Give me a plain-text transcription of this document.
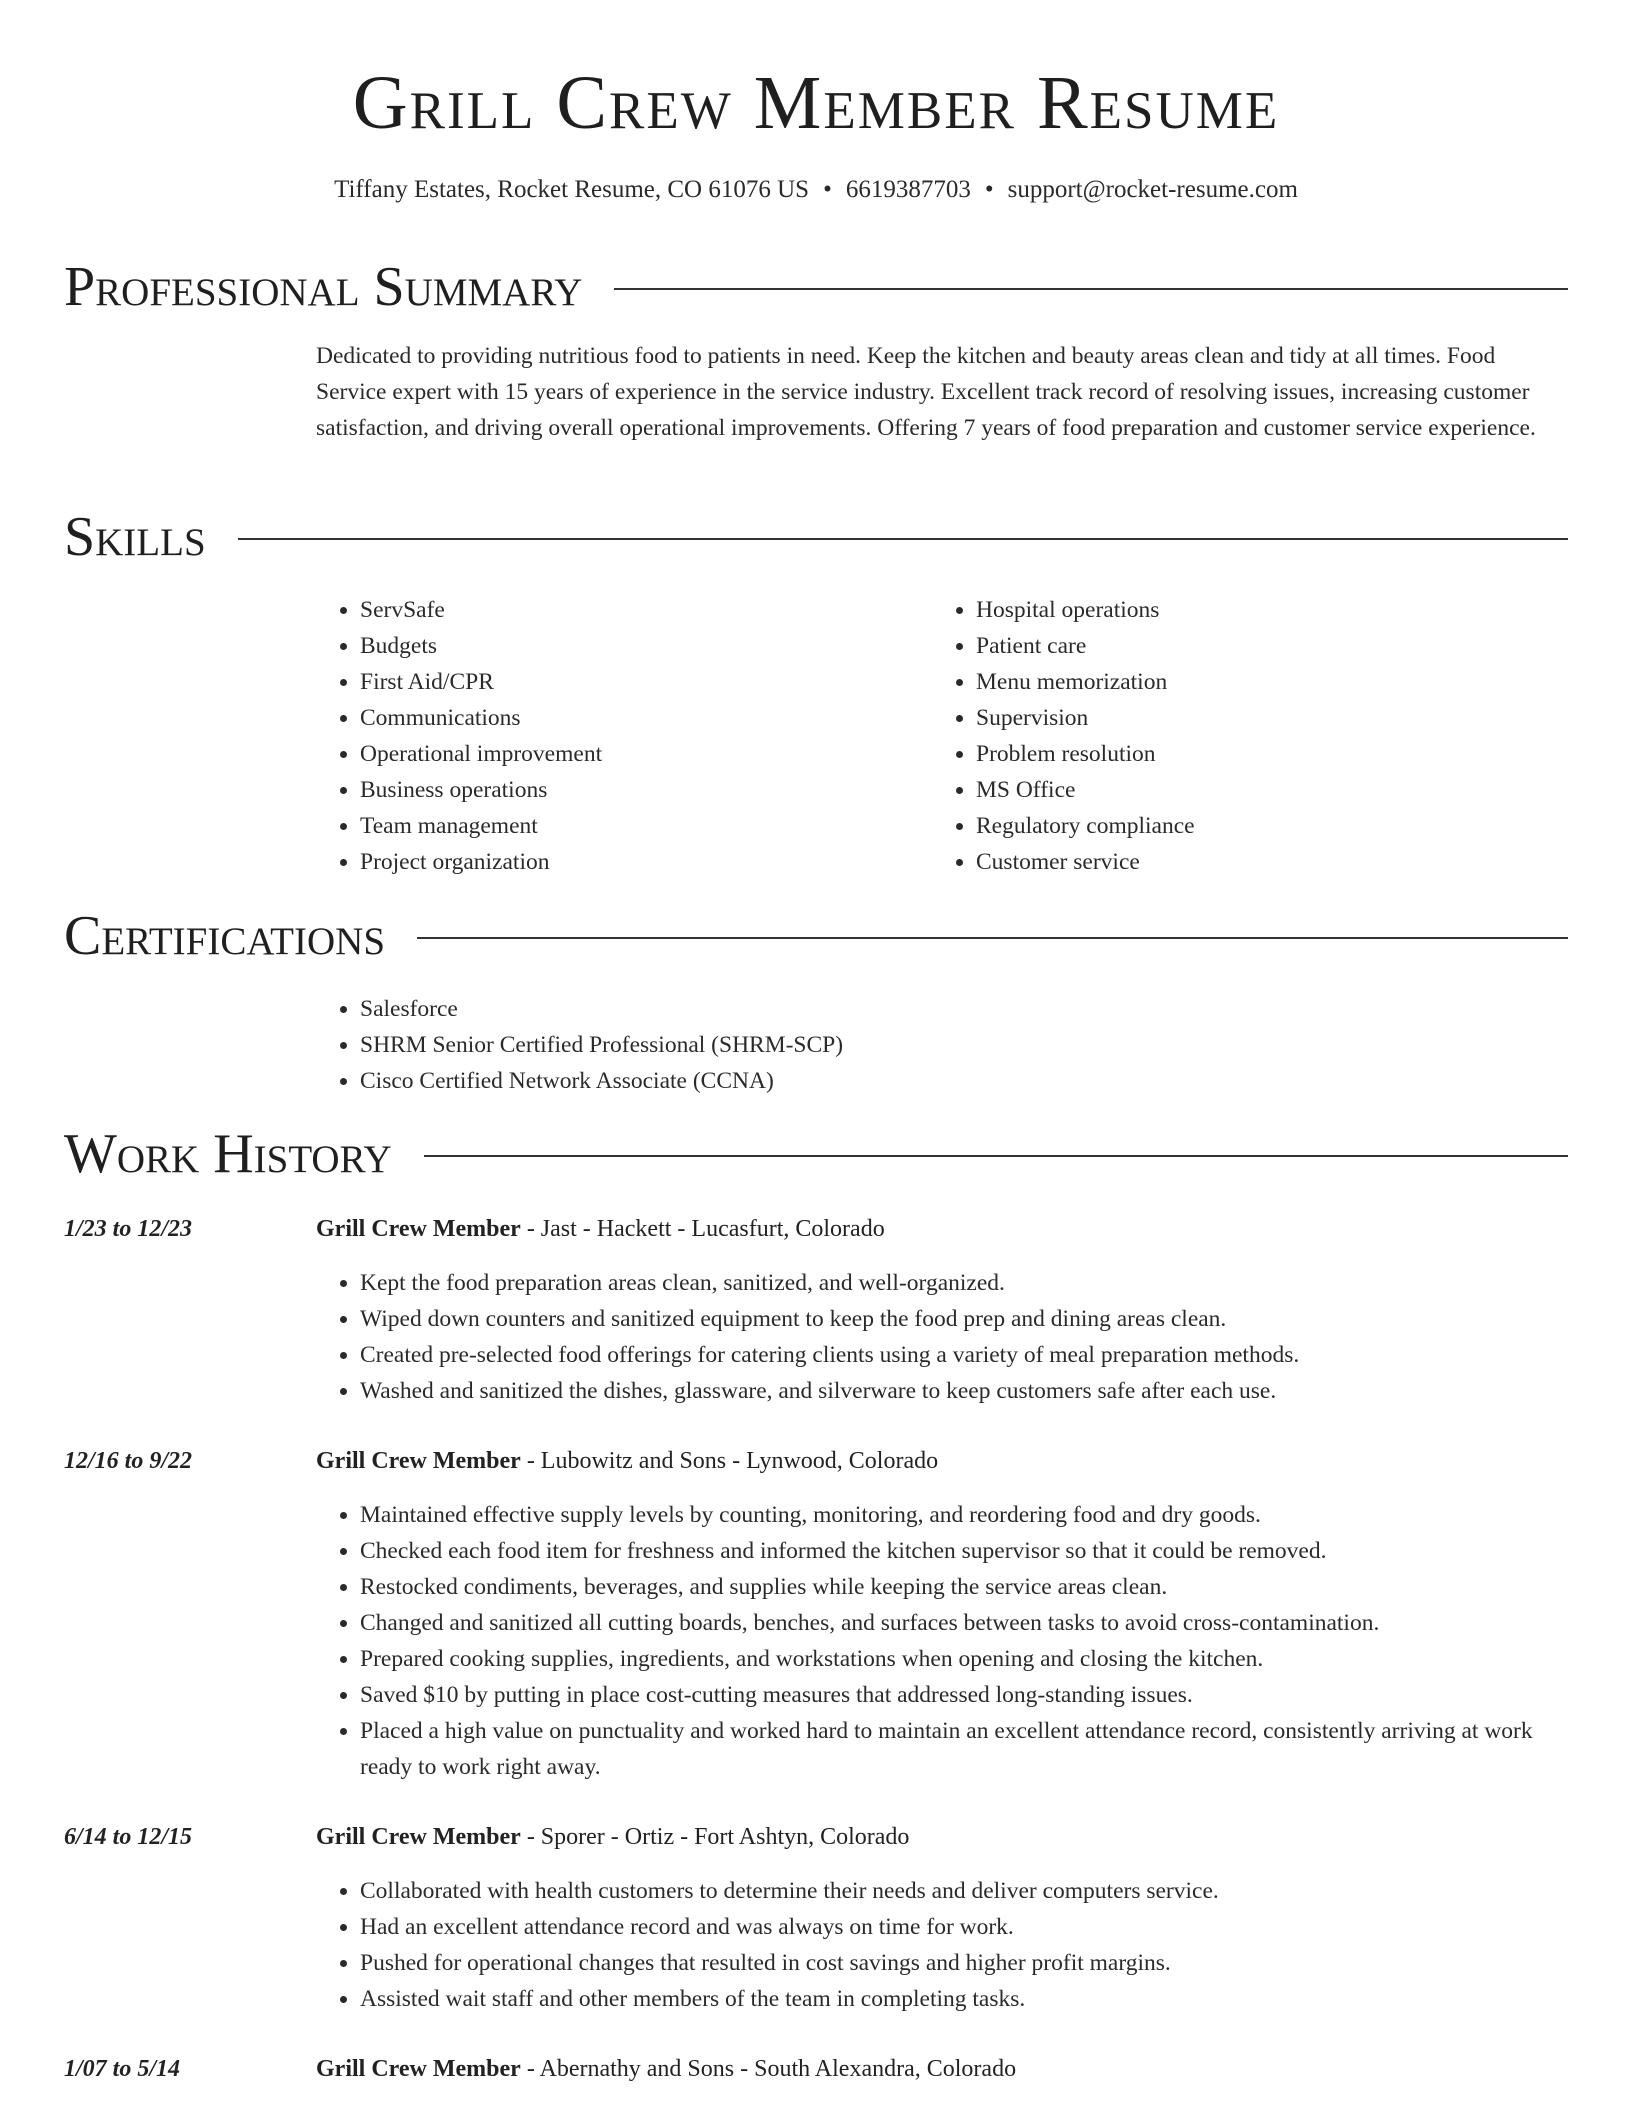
Grill Crew Member Resume
Tiffany Estates, Rocket Resume, CO 61076 US • 6619387703 • support@rocket-resume.com
Professional Summary

Dedicated to providing nutritious food to patients in need. Keep the kitchen and beauty areas clean and tidy at all times. Food Service expert with 15 years of experience in the service industry. Excellent track record of resolving issues, increasing customer satisfaction, and driving overall operational improvements. Offering 7 years of food preparation and customer service experience.

Skills
• ServSafe
• Budgets
• First Aid/CPR
• Communications
• Operational improvement
• Business operations
• Team management
• Project organization
• Hospital operations
• Patient care
• Menu memorization
• Supervision
• Problem resolution
• MS Office
• Regulatory compliance
• Customer service
Certifications
• Salesforce
• SHRM Senior Certified Professional (SHRM-SCP)
• Cisco Certified Network Associate (CCNA)
Work History
1/23 to 12/23	Grill Crew Member - Jast - Hackett - Lucasfurt, Colorado
• Kept the food preparation areas clean, sanitized, and well-organized.
• Wiped down counters and sanitized equipment to keep the food prep and dining areas clean.
• Created pre-selected food offerings for catering clients using a variety of meal preparation methods.
• Washed and sanitized the dishes, glassware, and silverware to keep customers safe after each use.
12/16 to 9/22	Grill Crew Member - Lubowitz and Sons - Lynwood, Colorado
• Maintained effective supply levels by counting, monitoring, and reordering food and dry goods.
• Checked each food item for freshness and informed the kitchen supervisor so that it could be removed.
• Restocked condiments, beverages, and supplies while keeping the service areas clean.
• Changed and sanitized all cutting boards, benches, and surfaces between tasks to avoid cross-contamination.
• Prepared cooking supplies, ingredients, and workstations when opening and closing the kitchen.
• Saved $10 by putting in place cost-cutting measures that addressed long-standing issues.
• Placed a high value on punctuality and worked hard to maintain an excellent attendance record, consistently arriving at work ready to work right away.
6/14 to 12/15	Grill Crew Member - Sporer - Ortiz - Fort Ashtyn, Colorado
• Collaborated with health customers to determine their needs and deliver computers service.
• Had an excellent attendance record and was always on time for work.
• Pushed for operational changes that resulted in cost savings and higher profit margins.
• Assisted wait staff and other members of the team in completing tasks.
1/07 to 5/14	Grill Crew Member - Abernathy and Sons - South Alexandra, Colorado
